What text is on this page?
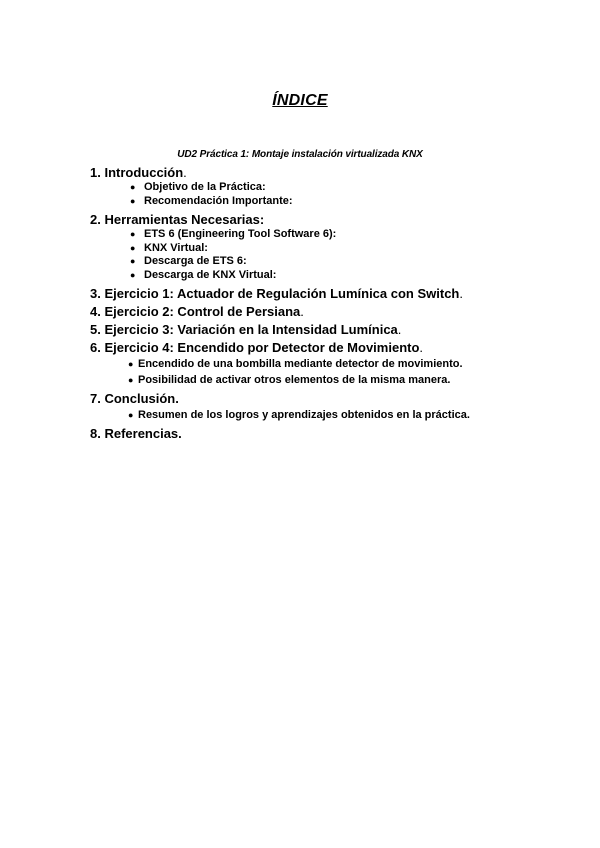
ÍNDICE
UD2 Práctica 1: Montaje instalación virtualizada KNX
1. Introducción.
● Objetivo de la Práctica:
● Recomendación Importante:
2. Herramientas Necesarias:
● ETS 6 (Engineering Tool Software 6):
● KNX Virtual:
● Descarga de ETS 6:
● Descarga de KNX Virtual:
3. Ejercicio 1: Actuador de Regulación Lumínica con Switch.
4. Ejercicio 2: Control de Persiana.
5. Ejercicio 3: Variación en la Intensidad Lumínica.
6. Ejercicio 4: Encendido por Detector de Movimiento.
● Encendido de una bombilla mediante detector de movimiento.
● Posibilidad de activar otros elementos de la misma manera.
7. Conclusión.
● Resumen de los logros y aprendizajes obtenidos en la práctica.
8. Referencias.
